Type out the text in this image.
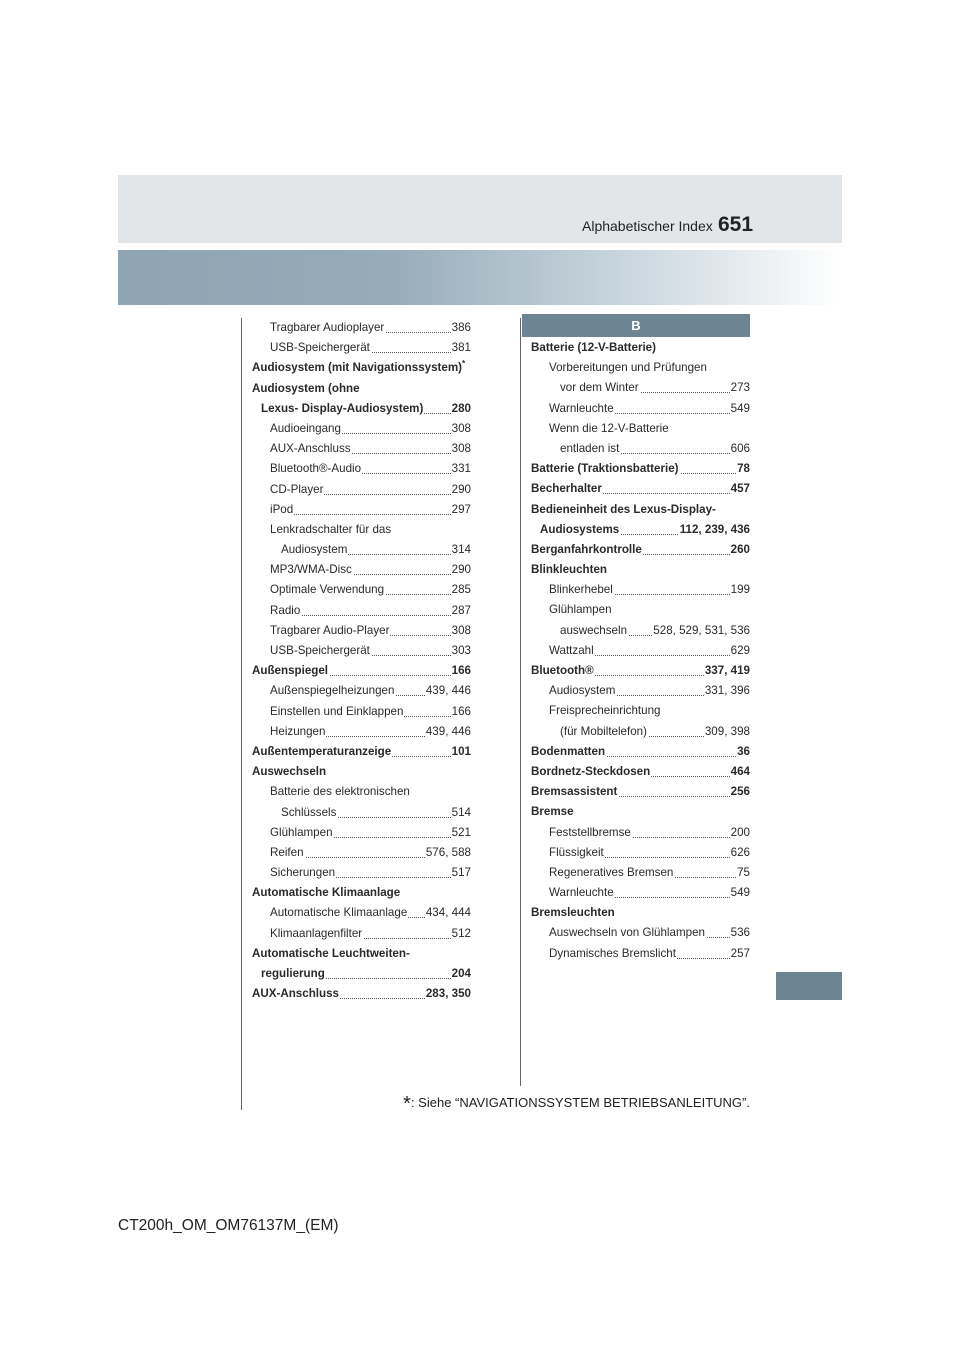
Alphabetischer Index 651
B
Tragbarer Audioplayer	386
USB-Speichergerät	381
Audiosystem (mit Navigationssystem)*
Audiosystem (ohne
Lexus- Display-Audiosystem) 280
Audioeingang	308
AUX-Anschluss	308
Bluetooth®-Audio	331
CD-Player	290
iPod	297
Lenkradschalter für das
Audiosystem	314
MP3/WMA-Disc	290
Optimale Verwendung	285
Radio	287
Tragbarer Audio-Player	308
USB-Speichergerät	303
Außenspiegel	166
Außenspiegelheizungen	439, 446
Einstellen und Einklappen	166
Heizungen	439, 446
Außentemperaturanzeige	101
Auswechseln
Batterie des elektronischen
Schlüssels	514
Glühlampen	521
Reifen	576, 588
Sicherungen	517
Automatische Klimaanlage
Automatische Klimaanlage 434, 444
Klimaanlagenfilter	512
Automatische Leuchtweiten-
regulierung	204
AUX-Anschluss	283, 350
Batterie (12-V-Batterie)
Vorbereitungen und Prüfungen
vor dem Winter	273
Warnleuchte	549
Wenn die 12-V-Batterie
entladen ist	606
Batterie (Traktionsbatterie)	78
Becherhalter	457
Bedieneinheit des Lexus-Display-
Audiosystems	112, 239, 436
Berganfahrkontrolle	260
Blinkleuchten
Blinkerhebel	199
Glühlampen
auswechseln 528, 529, 531, 536
Wattzahl	629
Bluetooth®	337, 419
Audiosystem	331, 396
Freisprecheinrichtung
(für Mobiltelefon)	309, 398
Bodenmatten	36
Bordnetz-Steckdosen	464
Bremsassistent	256
Bremse
Feststellbremse	200
Flüssigkeit	626
Regeneratives Bremsen	75
Warnleuchte	549
Bremsleuchten
Auswechseln von Glühlampen 536
Dynamisches Bremslicht	257
*: Siehe “NAVIGATIONSSYSTEM BETRIEBSANLEITUNG”.
CT200h_OM_OM76137M_(EM)
